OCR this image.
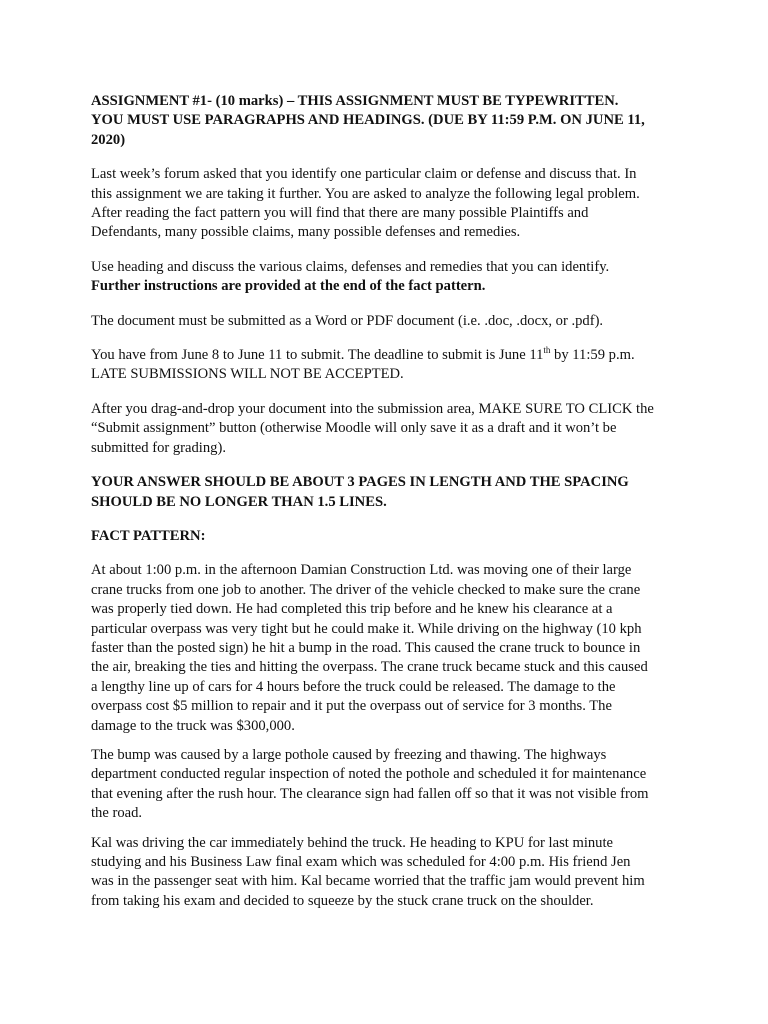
ASSIGNMENT #1- (10 marks) – THIS ASSIGNMENT MUST BE TYPEWRITTEN.
YOU MUST USE PARAGRAPHS AND HEADINGS. (DUE BY 11:59 P.M. ON JUNE 11,
2020)
Last week’s forum asked that you identify one particular claim or defense and discuss that. In
this assignment we are taking it further. You are asked to analyze the following legal problem.
After reading the fact pattern you will find that there are many possible Plaintiffs and
Defendants, many possible claims, many possible defenses and remedies.
Use heading and discuss the various claims, defenses and remedies that you can identify.
Further instructions are provided at the end of the fact pattern.
The document must be submitted as a Word or PDF document (i.e. .doc, .docx, or .pdf).
You have from June 8 to June 11 to submit. The deadline to submit is June 11th by 11:59 p.m.
LATE SUBMISSIONS WILL NOT BE ACCEPTED.
After you drag-and-drop your document into the submission area, MAKE SURE TO CLICK the
“Submit assignment” button (otherwise Moodle will only save it as a draft and it won’t be
submitted for grading).
YOUR ANSWER SHOULD BE ABOUT 3 PAGES IN LENGTH AND THE SPACING
SHOULD BE NO LONGER THAN 1.5 LINES.
FACT PATTERN:
At about 1:00 p.m. in the afternoon Damian Construction Ltd. was moving one of their large
crane trucks from one job to another. The driver of the vehicle checked to make sure the crane
was properly tied down. He had completed this trip before and he knew his clearance at a
particular overpass was very tight but he could make it. While driving on the highway (10 kph
faster than the posted sign) he hit a bump in the road. This caused the crane truck to bounce in
the air, breaking the ties and hitting the overpass. The crane truck became stuck and this caused
a lengthy line up of cars for 4 hours before the truck could be released. The damage to the
overpass cost $5 million to repair and it put the overpass out of service for 3 months. The
damage to the truck was $300,000.
The bump was caused by a large pothole caused by freezing and thawing. The highways
department conducted regular inspection of noted the pothole and scheduled it for maintenance
that evening after the rush hour. The clearance sign had fallen off so that it was not visible from
the road.
Kal was driving the car immediately behind the truck. He heading to KPU for last minute
studying and his Business Law final exam which was scheduled for 4:00 p.m. His friend Jen
was in the passenger seat with him. Kal became worried that the traffic jam would prevent him
from taking his exam and decided to squeeze by the stuck crane truck on the shoulder.
